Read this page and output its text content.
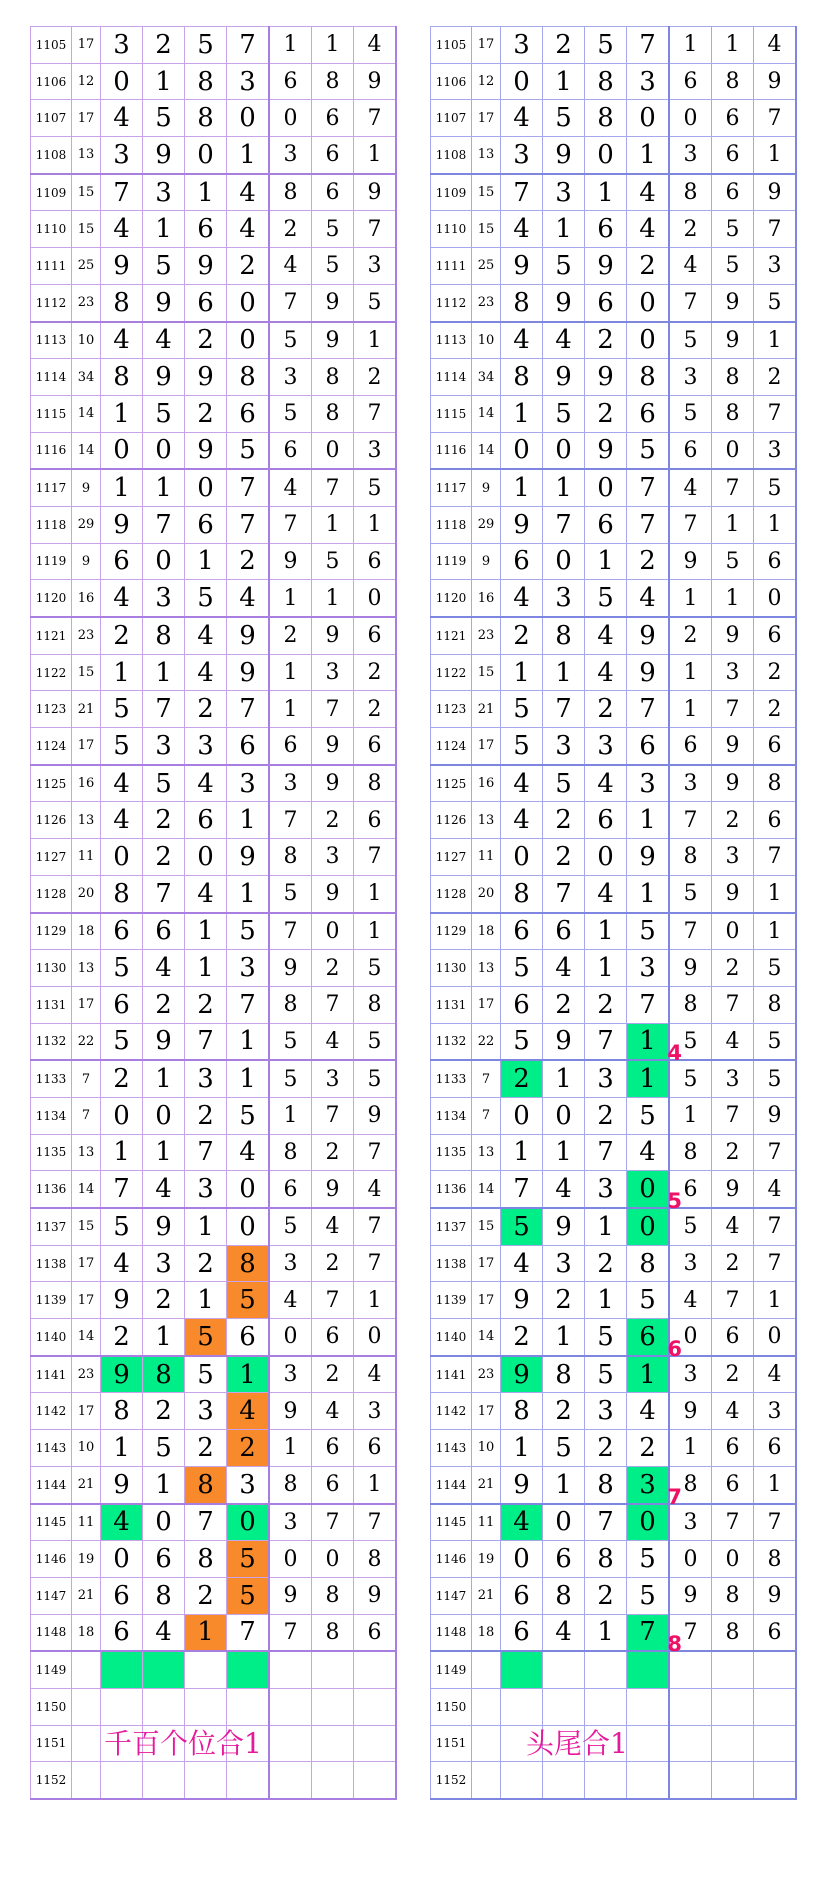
1105	17	3	2	5	7	1	1	4
1106	12	0	1	8	3	6	8	9
1107	17	4	5	8	0	0	6	7
1108	13	3	9	0	1	3	6	1
1109	15	7	3	1	4	8	6	9
1110	15	4	1	6	4	2	5	7
1111	25	9	5	9	2	4	5	3
1112	23	8	9	6	0	7	9	5
1113	10	4	4	2	0	5	9	1
1114	34	8	9	9	8	3	8	2
1115	14	1	5	2	6	5	8	7
1116	14	0	0	9	5	6	0	3
1117	9	1	1	0	7	4	7	5
1118	29	9	7	6	7	7	1	1
1119	9	6	0	1	2	9	5	6
1120	16	4	3	5	4	1	1	0
1121	23	2	8	4	9	2	9	6
1122	15	1	1	4	9	1	3	2
1123	21	5	7	2	7	1	7	2
1124	17	5	3	3	6	6	9	6
1125	16	4	5	4	3	3	9	8
1126	13	4	2	6	1	7	2	6
1127	11	0	2	0	9	8	3	7
1128	20	8	7	4	1	5	9	1
1129	18	6	6	1	5	7	0	1
1130	13	5	4	1	3	9	2	5
1131	17	6	2	2	7	8	7	8
1132	22	5	9	7	1	5	4	5
1133	7	2	1	3	1	5	3	5
1134	7	0	0	2	5	1	7	9
1135	13	1	1	7	4	8	2	7
1136	14	7	4	3	0	6	9	4
1137	15	5	9	1	0	5	4	7
1138	17	4	3	2	8	3	2	7
1139	17	9	2	1	5	4	7	1
1140	14	2	1	5	6	0	6	0
1141	23	9	8	5	1	3	2	4
1142	17	8	2	3	4	9	4	3
1143	10	1	5	2	2	1	6	6
1144	21	9	1	8	3	8	6	1
1145	11	4	0	7	0	3	7	7
1146	19	0	6	8	5	0	0	8
1147	21	6	8	2	5	9	8	9
1148	18	6	4	1	7	7	8	6
1149								
1150								
1151								
1152								
1105	17	3	2	5	7	1	1	4
1106	12	0	1	8	3	6	8	9
1107	17	4	5	8	0	0	6	7
1108	13	3	9	0	1	3	6	1
1109	15	7	3	1	4	8	6	9
1110	15	4	1	6	4	2	5	7
1111	25	9	5	9	2	4	5	3
1112	23	8	9	6	0	7	9	5
1113	10	4	4	2	0	5	9	1
1114	34	8	9	9	8	3	8	2
1115	14	1	5	2	6	5	8	7
1116	14	0	0	9	5	6	0	3
1117	9	1	1	0	7	4	7	5
1118	29	9	7	6	7	7	1	1
1119	9	6	0	1	2	9	5	6
1120	16	4	3	5	4	1	1	0
1121	23	2	8	4	9	2	9	6
1122	15	1	1	4	9	1	3	2
1123	21	5	7	2	7	1	7	2
1124	17	5	3	3	6	6	9	6
1125	16	4	5	4	3	3	9	8
1126	13	4	2	6	1	7	2	6
1127	11	0	2	0	9	8	3	7
1128	20	8	7	4	1	5	9	1
1129	18	6	6	1	5	7	0	1
1130	13	5	4	1	3	9	2	5
1131	17	6	2	2	7	8	7	8
1132	22	5	9	7	1 4	5	4	5
1133	7	2	1	3	1	5	3	5
1134	7	0	0	2	5	1	7	9
1135	13	1	1	7	4	8	2	7
1136	14	7	4	3	0 5	6	9	4
1137	15	5	9	1	0	5	4	7
1138	17	4	3	2	8	3	2	7
1139	17	9	2	1	5	4	7	1
1140	14	2	1	5	6 6	0	6	0
1141	23	9	8	5	1	3	2	4
1142	17	8	2	3	4	9	4	3
1143	10	1	5	2	2	1	6	6
1144	21	9	1	8	3 7	8	6	1
1145	11	4	0	7	0	3	7	7
1146	19	0	6	8	5	0	0	8
1147	21	6	8	2	5	9	8	9
1148	18	6	4	1	7 8	7	8	6
1149								
1150								
1151								
1152								
千百个位合1	头尾合1
